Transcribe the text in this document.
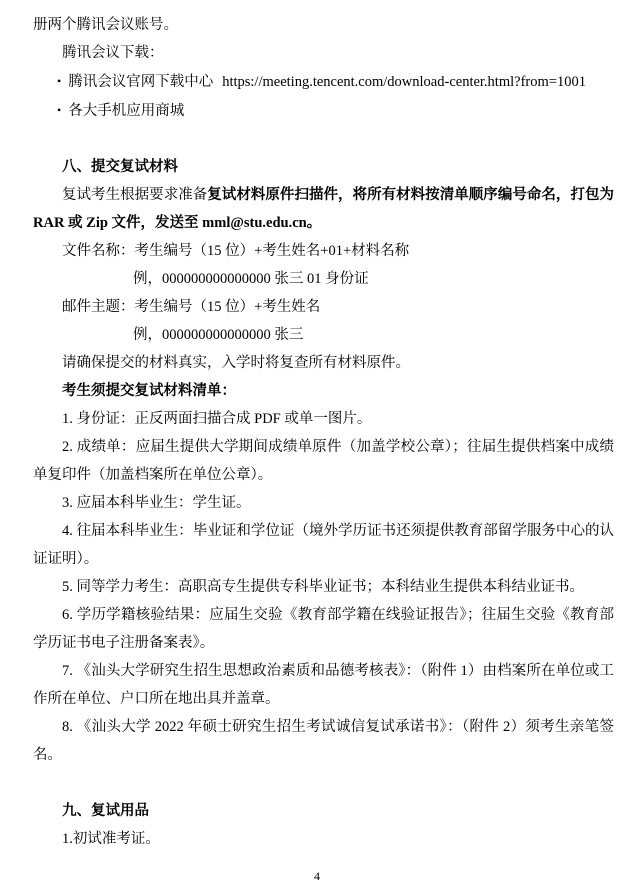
册两个腾讯会议账号。

腾讯会议下载：

• 腾讯会议官网下载中心 https://meeting.tencent.com/download-center.html?from=1001

• 各大手机应用商城

八、提交复试材料

复试考生根据要求准备复试材料原件扫描件，将所有材料按清单顺序编号命名，打包为 RAR 或 Zip 文件，发送至 mml@stu.edu.cn。

文件名称：考生编号（15 位）+考生姓名+01+材料名称

例，000000000000000 张三 01 身份证

邮件主题：考生编号（15 位）+考生姓名

例，000000000000000 张三

请确保提交的材料真实，入学时将复查所有材料原件。

考生须提交复试材料清单：

1. 身份证：正反两面扫描合成 PDF 或单一图片。

2. 成绩单：应届生提供大学期间成绩单原件（加盖学校公章）；往届生提供档案中成绩单复印件（加盖档案所在单位公章）。

3. 应届本科毕业生：学生证。

4. 往届本科毕业生：毕业证和学位证（境外学历证书还须提供教育部留学服务中心的认证证明）。

5. 同等学力考生：高职高专生提供专科毕业证书；本科结业生提供本科结业证书。

6. 学历学籍核验结果：应届生交验《教育部学籍在线验证报告》；往届生交验《教育部学历证书电子注册备案表》。

7. 《汕头大学研究生招生思想政治素质和品德考核表》：（附件 1）由档案所在单位或工作所在单位、户口所在地出具并盖章。

8. 《汕头大学 2022 年硕士研究生招生考试诚信复试承诺书》：（附件 2）须考生亲笔签名。

九、复试用品

1.初试准考证。

4
